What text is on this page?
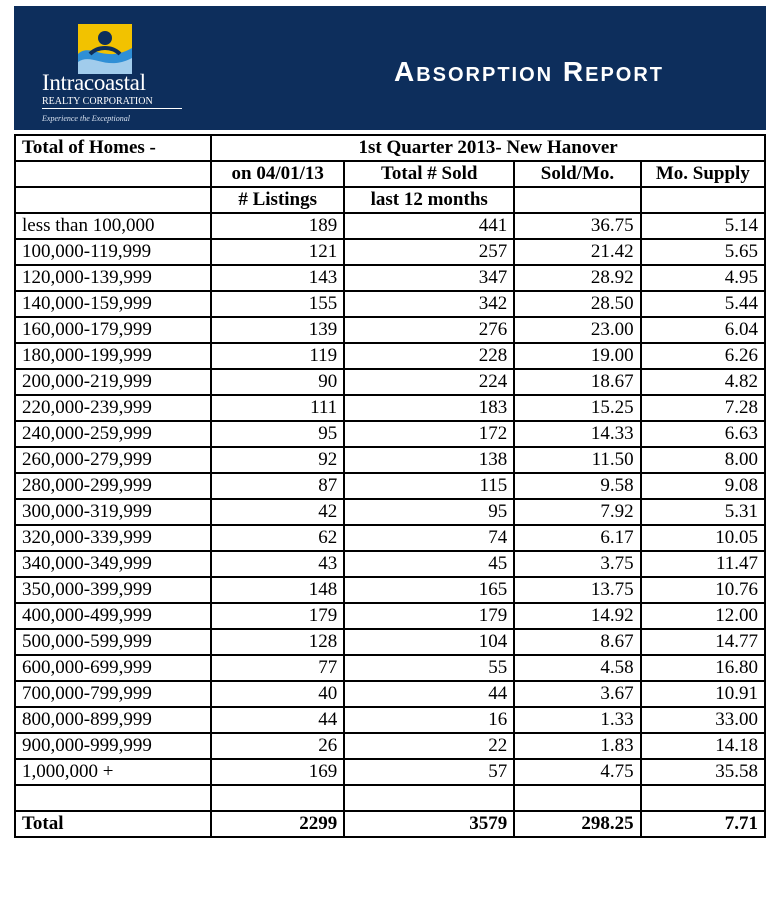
Intracoastal
REALTY CORPORATION
Experience the Exceptional
Absorption Report
Total of Homes -	1st Quarter 2013- New Hanover			
	on 04/01/13	Total # Sold	Sold/Mo.	Mo. Supply
	# Listings	last 12 months		
less than 100,000	189	441	36.75	5.14
100,000-119,999	121	257	21.42	5.65
120,000-139,999	143	347	28.92	4.95
140,000-159,999	155	342	28.50	5.44
160,000-179,999	139	276	23.00	6.04
180,000-199,999	119	228	19.00	6.26
200,000-219,999	90	224	18.67	4.82
220,000-239,999	111	183	15.25	7.28
240,000-259,999	95	172	14.33	6.63
260,000-279,999	92	138	11.50	8.00
280,000-299,999	87	115	9.58	9.08
300,000-319,999	42	95	7.92	5.31
320,000-339,999	62	74	6.17	10.05
340,000-349,999	43	45	3.75	11.47
350,000-399,999	148	165	13.75	10.76
400,000-499,999	179	179	14.92	12.00
500,000-599,999	128	104	8.67	14.77
600,000-699,999	77	55	4.58	16.80
700,000-799,999	40	44	3.67	10.91
800,000-899,999	44	16	1.33	33.00
900,000-999,999	26	22	1.83	14.18
1,000,000 +	169	57	4.75	35.58

Total	2299	3579	298.25	7.71
